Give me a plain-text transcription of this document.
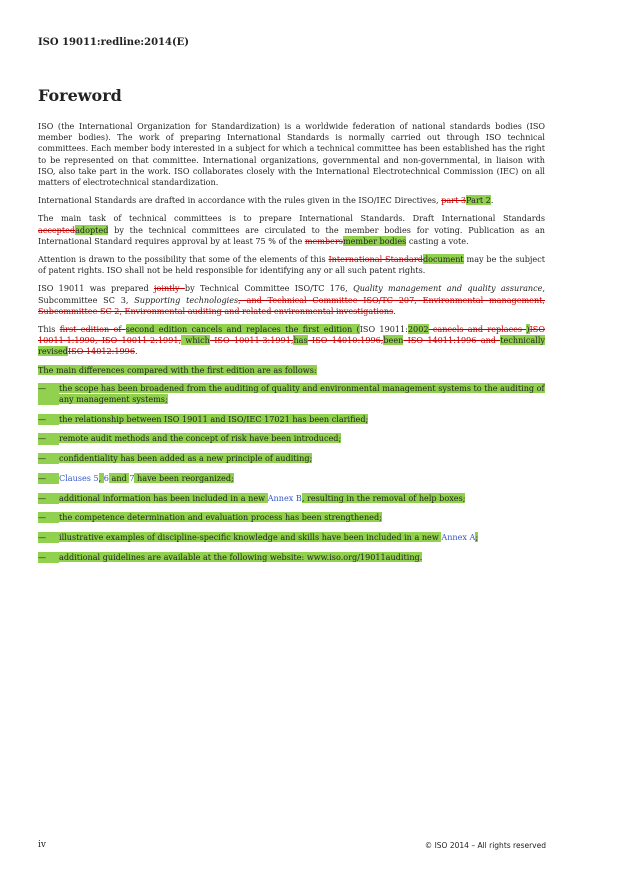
ISO 19011:redline:2014(E)
Foreword

ISO (the International Organization for Standardization) is a worldwide federation of national standards bodies (ISO member bodies). The work of preparing International Standards is normally carried out through ISO technical committees. Each member body interested in a subject for which a technical committee has been established has the right to be represented on that committee. International organizations, governmental and non-governmental, in liaison with ISO, also take part in the work. ISO collaborates closely with the International Electrotechnical Commission (IEC) on all matters of electrotechnical standardization.

International Standards are drafted in accordance with the rules given in the ISO/IEC Directives, part 3Part 2.

The main task of technical committees is to prepare International Standards. Draft International Standards acceptedadopted by the technical committees are circulated to the member bodies for voting. Publication as an International Standard requires approval by at least 75 % of the membersmember bodies casting a vote.

Attention is drawn to the possibility that some of the elements of this International Standarddocument may be the subject of patent rights. ISO shall not be held responsible for identifying any or all such patent rights.

ISO 19011 was prepared jointly by Technical Committee ISO/TC 176, Quality management and quality assurance, Subcommittee SC 3, Supporting technologies, and Technical Committee ISO/TC 207, Environmental management, Subcommittee SC 2, Environmental auditing and related environmental investigations.

This first edition of second edition cancels and replaces the first edition (ISO 19011:2002 cancels and replaces )ISO 10011-1:1990, ISO 10011-2:1991, which ISO 10011-3:1991,has ISO 14010:1996,been ISO 14011:1996 and technically revisedISO 14012:1996.

The main differences compared with the first edition are as follows:

—	the scope has been broadened from the auditing of quality and environmental management systems to the auditing of any management systems;
—	the relationship between ISO 19011 and ISO/IEC 17021 has been clarified;
—	remote audit methods and the concept of risk have been introduced;
—	confidentiality has been added as a new principle of auditing;
—	Clauses 5, 6 and 7 have been reorganized;
—	additional information has been included in a new Annex B, resulting in the removal of help boxes;
—	the competence determination and evaluation process has been strengthened;
—	illustrative examples of discipline-specific knowledge and skills have been included in a new Annex A;
—	additional guidelines are available at the following website: www.iso.org/19011auditing.
iv	© ISO 2014 – All rights reserved
